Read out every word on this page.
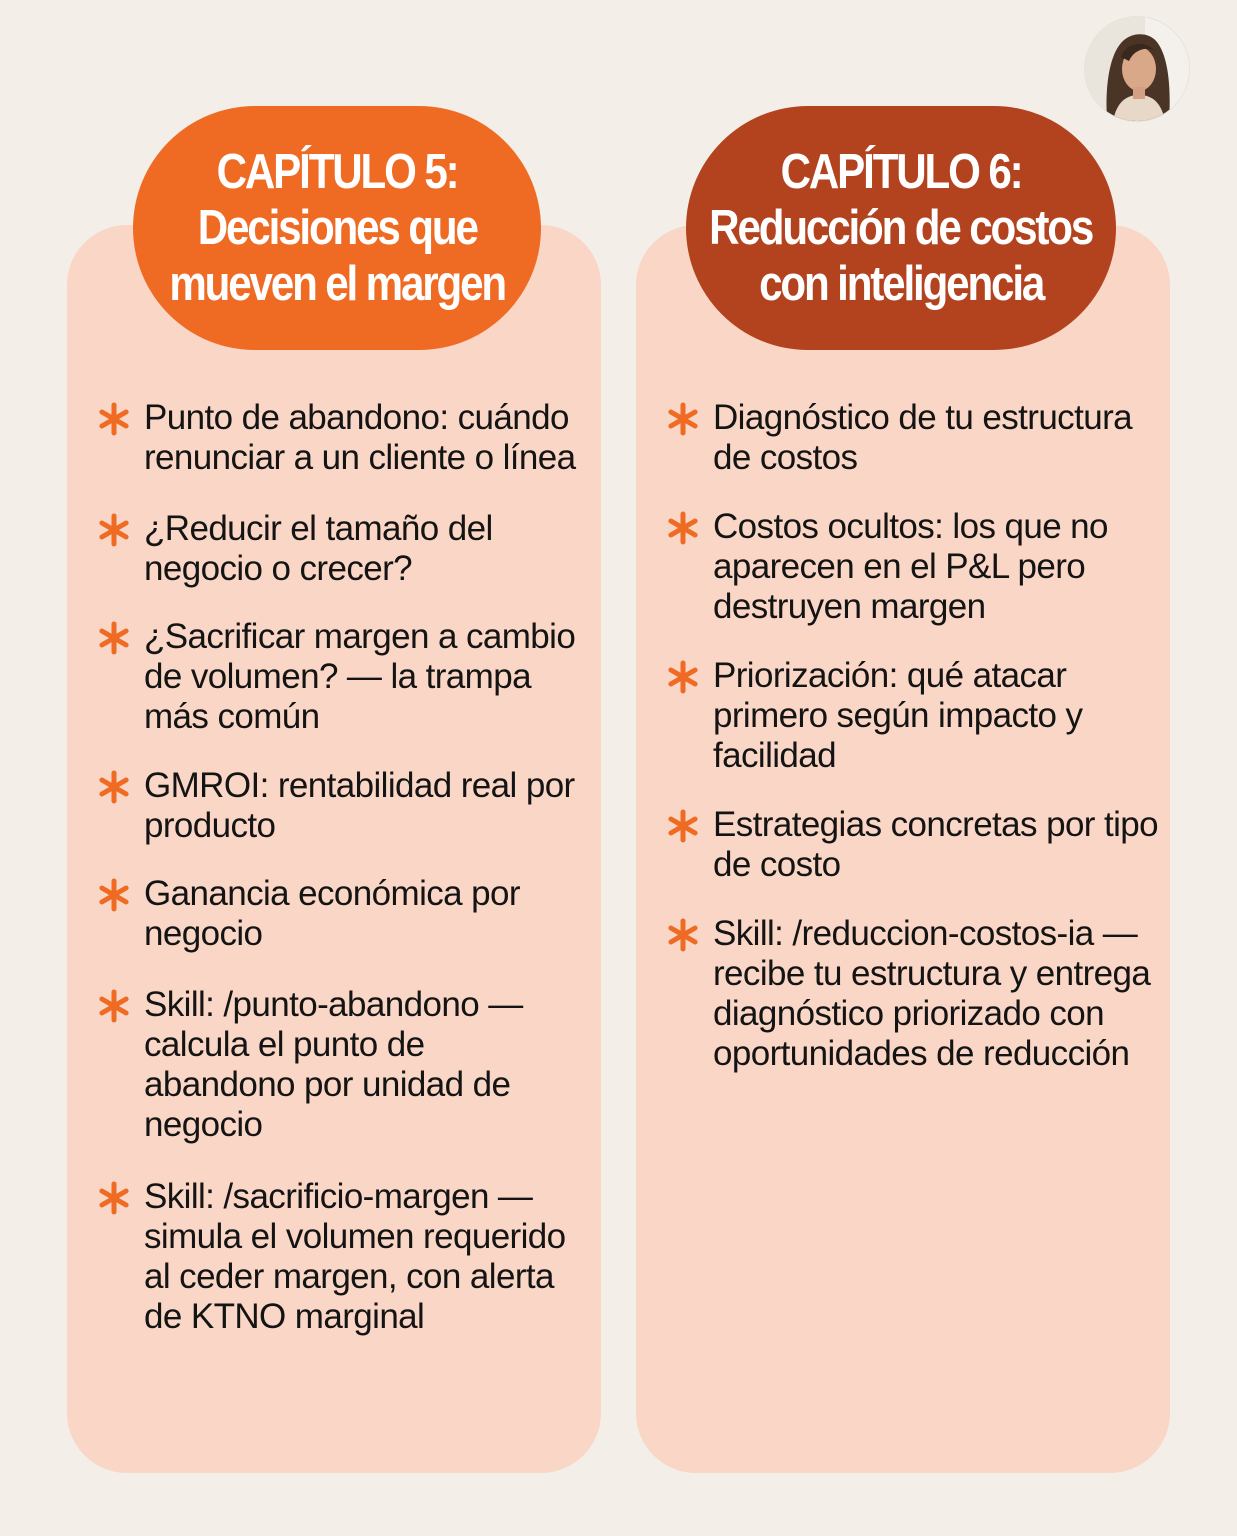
CAPÍTULO 5:
Decisiones que
mueven el margen
CAPÍTULO 6:
Reducción de costos
con inteligencia
Punto de abandono: cuándo renunciar a un cliente o línea
¿Reducir el tamaño del negocio o crecer?
¿Sacrificar margen a cambio de volumen? — la trampa más común
GMROI: rentabilidad real por producto
Ganancia económica por negocio
Skill: /punto-abandono — calcula el punto de abandono por unidad de negocio
Skill: /sacrificio-margen — simula el volumen requerido al ceder margen, con alerta de KTNO marginal
Diagnóstico de tu estructura de costos
Costos ocultos: los que no aparecen en el P&L pero destruyen margen
Priorización: qué atacar primero según impacto y facilidad
Estrategias concretas por tipo de costo
Skill: /reduccion-costos-ia — recibe tu estructura y entrega diagnóstico priorizado con oportunidades de reducción
